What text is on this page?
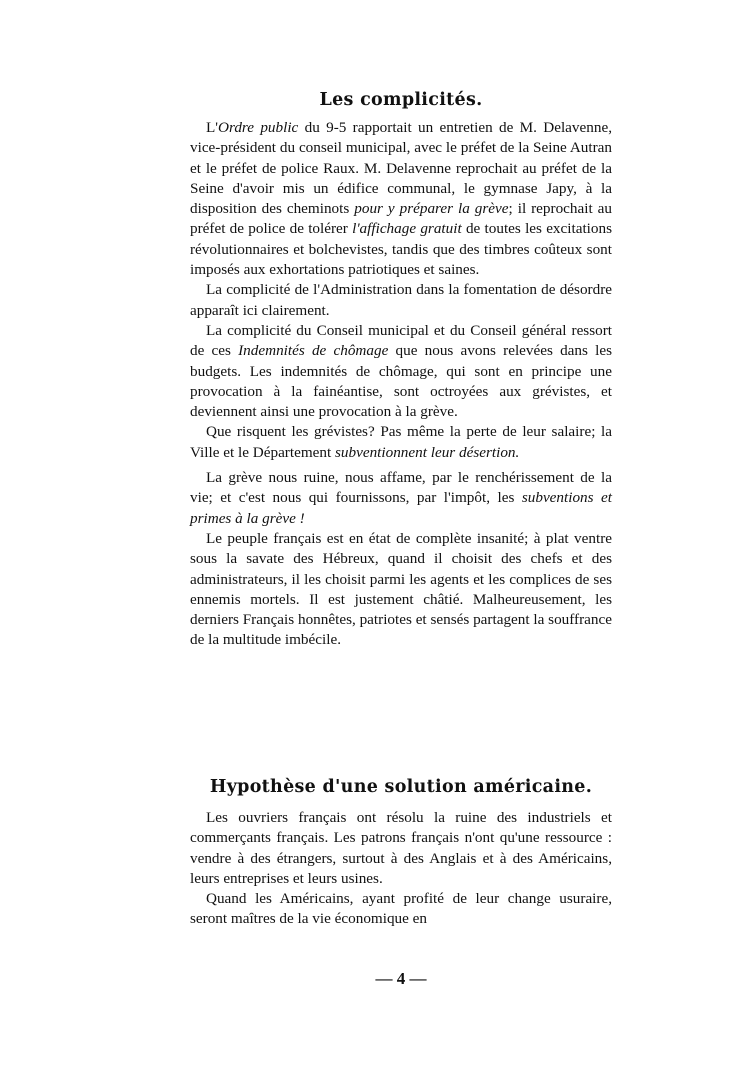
Les complicités.

L'Ordre public du 9-5 rapportait un entretien de M. Delavenne, vice-président du conseil municipal, avec le préfet de la Seine Autran et le préfet de police Raux. M. Delavenne reprochait au préfet de la Seine d'avoir mis un édifice communal, le gymnase Japy, à la disposition des cheminots pour y préparer la grève; il reprochait au préfet de police de tolérer l'affichage gratuit de toutes les excitations révolutionnaires et bolchevistes, tandis que des timbres coûteux sont imposés aux exhortations patriotiques et saines.

La complicité de l'Administration dans la fomentation de désordre apparaît ici clairement.

La complicité du Conseil municipal et du Conseil général ressort de ces Indemnités de chômage que nous avons relevées dans les budgets. Les indemnités de chômage, qui sont en principe une provocation à la fainéantise, sont octroyées aux grévistes, et deviennent ainsi une provocation à la grève.

Que risquent les grévistes? Pas même la perte de leur salaire; la Ville et le Département subventionnent leur désertion.

La grève nous ruine, nous affame, par le renchérissement de la vie; et c'est nous qui fournissons, par l'impôt, les subventions et primes à la grève !

Le peuple français est en état de complète insanité; à plat ventre sous la savate des Hébreux, quand il choisit des chefs et des administrateurs, il les choisit parmi les agents et les complices de ses ennemis mortels. Il est justement châtié. Malheureusement, les derniers Français honnêtes, patriotes et sensés partagent la souffrance de la multitude imbécile.

Hypothèse d'une solution américaine.

Les ouvriers français ont résolu la ruine des industriels et commerçants français. Les patrons français n'ont qu'une ressource : vendre à des étrangers, surtout à des Anglais et à des Américains, leurs entreprises et leurs usines.

Quand les Américains, ayant profité de leur change usuraire, seront maîtres de la vie économique en

— 4 —
